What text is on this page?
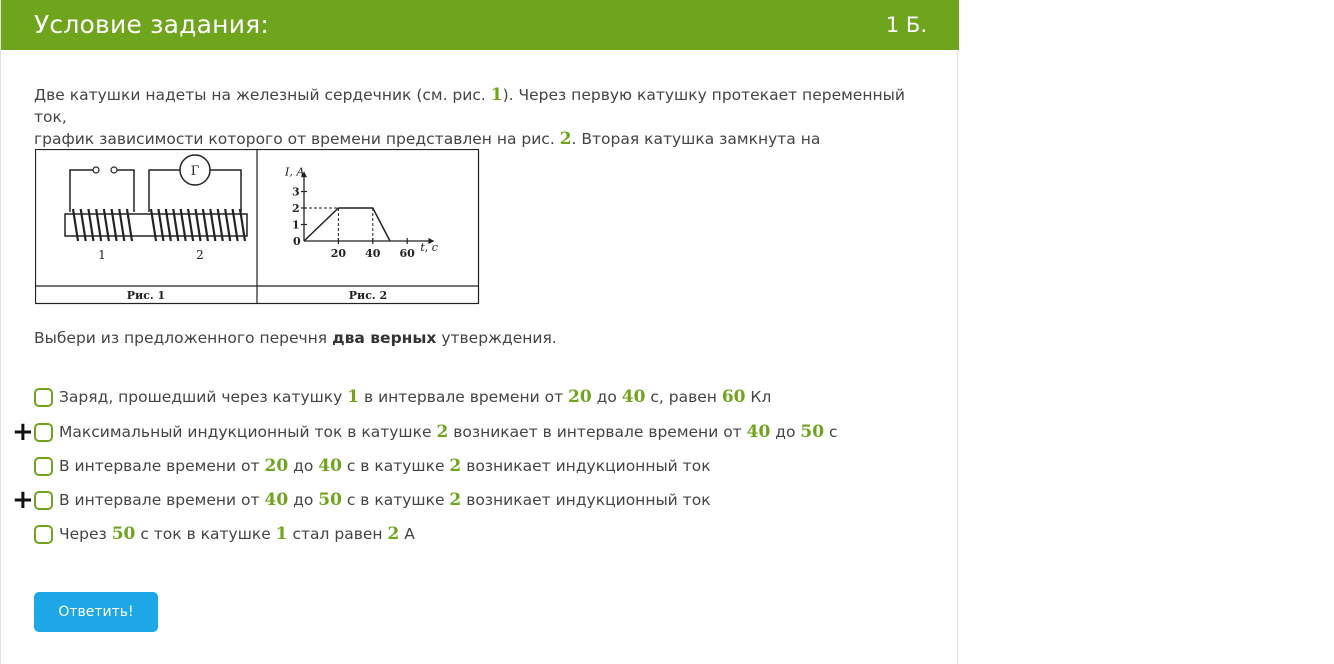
Условие задания:	1 Б.
Две катушки надеты на железный сердечник (см. рис. 1). Через первую катушку протекает переменный ток,
график зависимости которого от времени представлен на рис. 2. Вторая катушка замкнута на
Рис. 1	Рис. 2
Г
1	2
I, А
t, с
0
1
2
3
20 40 60
Выбери из предложенного перечня два верных утверждения.
Заряд, прошедший через катушку 1 в интервале времени от 20 до 40 с, равен 60 Кл
+ Максимальный индукционный ток в катушке 2 возникает в интервале времени от 40 до 50 с
В интервале времени от 20 до 40 с в катушке 2 возникает индукционный ток
+ В интервале времени от 40 до 50 с в катушке 2 возникает индукционный ток
Через 50 с ток в катушке 1 стал равен 2 А
Ответить!
